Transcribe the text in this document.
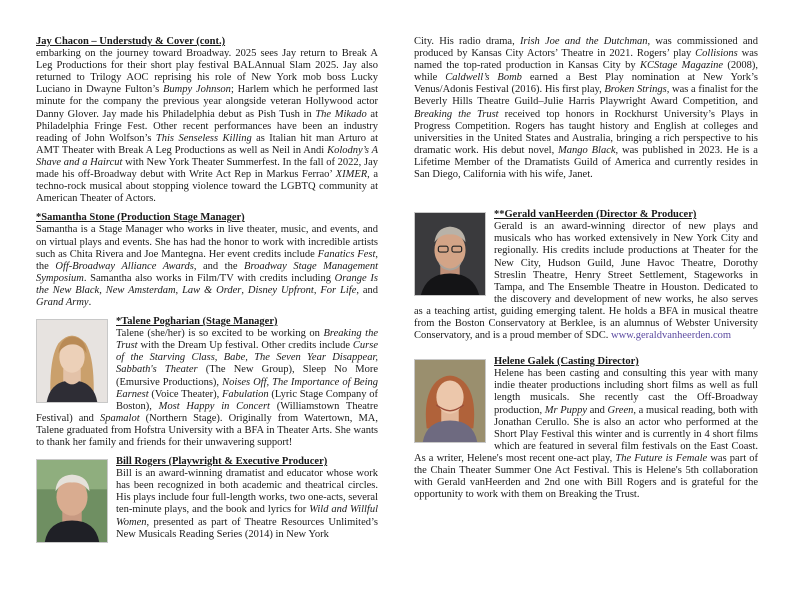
Jay Chacon – Understudy & Cover (cont.)
embarking on the journey toward Broadway. 2025 sees Jay return to Break A Leg Productions for their short play festival BALAnnual Slam 2025. Jay also returned to Trilogy AOC reprising his role of New York mob boss Lucky Luciano in Dwayne Fulton’s Bumpy Johnson; Harlem which he performed last minute for the company the previous year alongside veteran Hollywood actor Danny Glover. Jay made his Philadelphia debut as Pish Tush in The Mikado at Philadelphia Fringe Fest. Other recent performances have been an industry reading of John Wolfson’s This Senseless Killing as Italian hit man Arturo at AMT Theater with Break A Leg Productions as well as Neil in Andi Kolodny’s A Shave and a Haircut with New York Theater Summerfest. In the fall of 2022, Jay made his off-Broadway debut with Write Act Rep in Markus Ferrao’ XIMER, a techno-rock musical about stopping violence toward the LGBTQ community at American Theater of Actors.
*Samantha Stone (Production Stage Manager)
Samantha is a Stage Manager who works in live theater, music, and events, and on virtual plays and events. She has had the honor to work with incredible artists such as Chita Rivera and Joe Mantegna. Her event credits include Fanatics Fest, the Off-Broadway Alliance Awards, and the Broadway Stage Management Symposium. Samantha also works in Film/TV with credits including Orange Is the New Black, New Amsterdam, Law & Order, Disney Upfront, For Life, and Grand Army.
*Talene Pogharian (Stage Manager)
Talene (she/her) is so excited to be working on Breaking the Trust with the Dream Up festival. Other credits include Curse of the Starving Class, Babe, The Seven Year Disappear, Sabbath's Theater (The New Group), Sleep No More (Emursive Productions), Noises Off, The Importance of Being Earnest (Voice Theater), Fabulation (Lyric Stage Company of Boston), Most Happy in Concert (Williamstown Theatre Festival) and Spamalot (Northern Stage). Originally from Watertown, MA, Talene graduated from Hofstra University with a BFA in Theater Arts. She wants to thank her family and friends for their unwavering support!
Bill Rogers (Playwright & Executive Producer)
Bill is an award-winning dramatist and educator whose work has been recognized in both academic and theatrical circles. His plays include four full-length works, two one-acts, several ten-minute plays, and the book and lyrics for Wild and Willful Women, presented as part of Theatre Resources Unlimited’s New Musicals Reading Series (2014) in New York
City. His radio drama, Irish Joe and the Dutchman, was commissioned and produced by Kansas City Actors’ Theatre in 2021. Rogers’ play Collisions was named the top-rated production in Kansas City by KCStage Magazine (2008), while Caldwell’s Bomb earned a Best Play nomination at New York’s Venus/Adonis Festival (2016). His first play, Broken Strings, was a finalist for the Beverly Hills Theatre Guild–Julie Harris Playwright Award Competition, and Breaking the Trust received top honors in Rockhurst University’s Plays in Progress Competition. Rogers has taught history and English at colleges and universities in the United States and Australia, bringing a rich perspective to his dramatic work. His debut novel, Mango Black, was published in 2023. He is a Lifetime Member of the Dramatists Guild of America and currently resides in San Diego, California with his wife, Janet.
**Gerald vanHeerden (Director & Producer)
Gerald is an award-winning director of new plays and musicals who has worked extensively in New York City and regionally. His credits include productions at Theater for the New City, Hudson Guild, June Havoc Theatre, Dorothy Streslin Theatre, Henry Street Settlement, Stageworks in Tampa, and The Ensemble Theatre in Houston. Dedicated to the discovery and development of new works, he also serves as a teaching artist, guiding emerging talent. He holds a BFA in musical theatre from the Boston Conservatory at Berklee, is an alumnus of Webster University Conservatory, and is a proud member of SDC. www.geraldvanheerden.com
Helene Galek (Casting Director)
Helene has been casting and consulting this year with many indie theater productions including short films as well as full length musicals. She recently cast the Off-Broadway production, Mr Puppy and Green, a musical reading, both with Jonathan Cerullo. She is also an actor who performed at the Short Play Festival this winter and is currently in 4 short films which are featured in several film festivals on the East Coast. As a writer, Helene's most recent one-act play, The Future is Female was part of the Chain Theater Summer One Act Festival. This is Helene's 5th collaboration with Gerald vanHeerden and 2nd one with Bill Rogers and is grateful for the opportunity to work with them on Breaking the Trust.
